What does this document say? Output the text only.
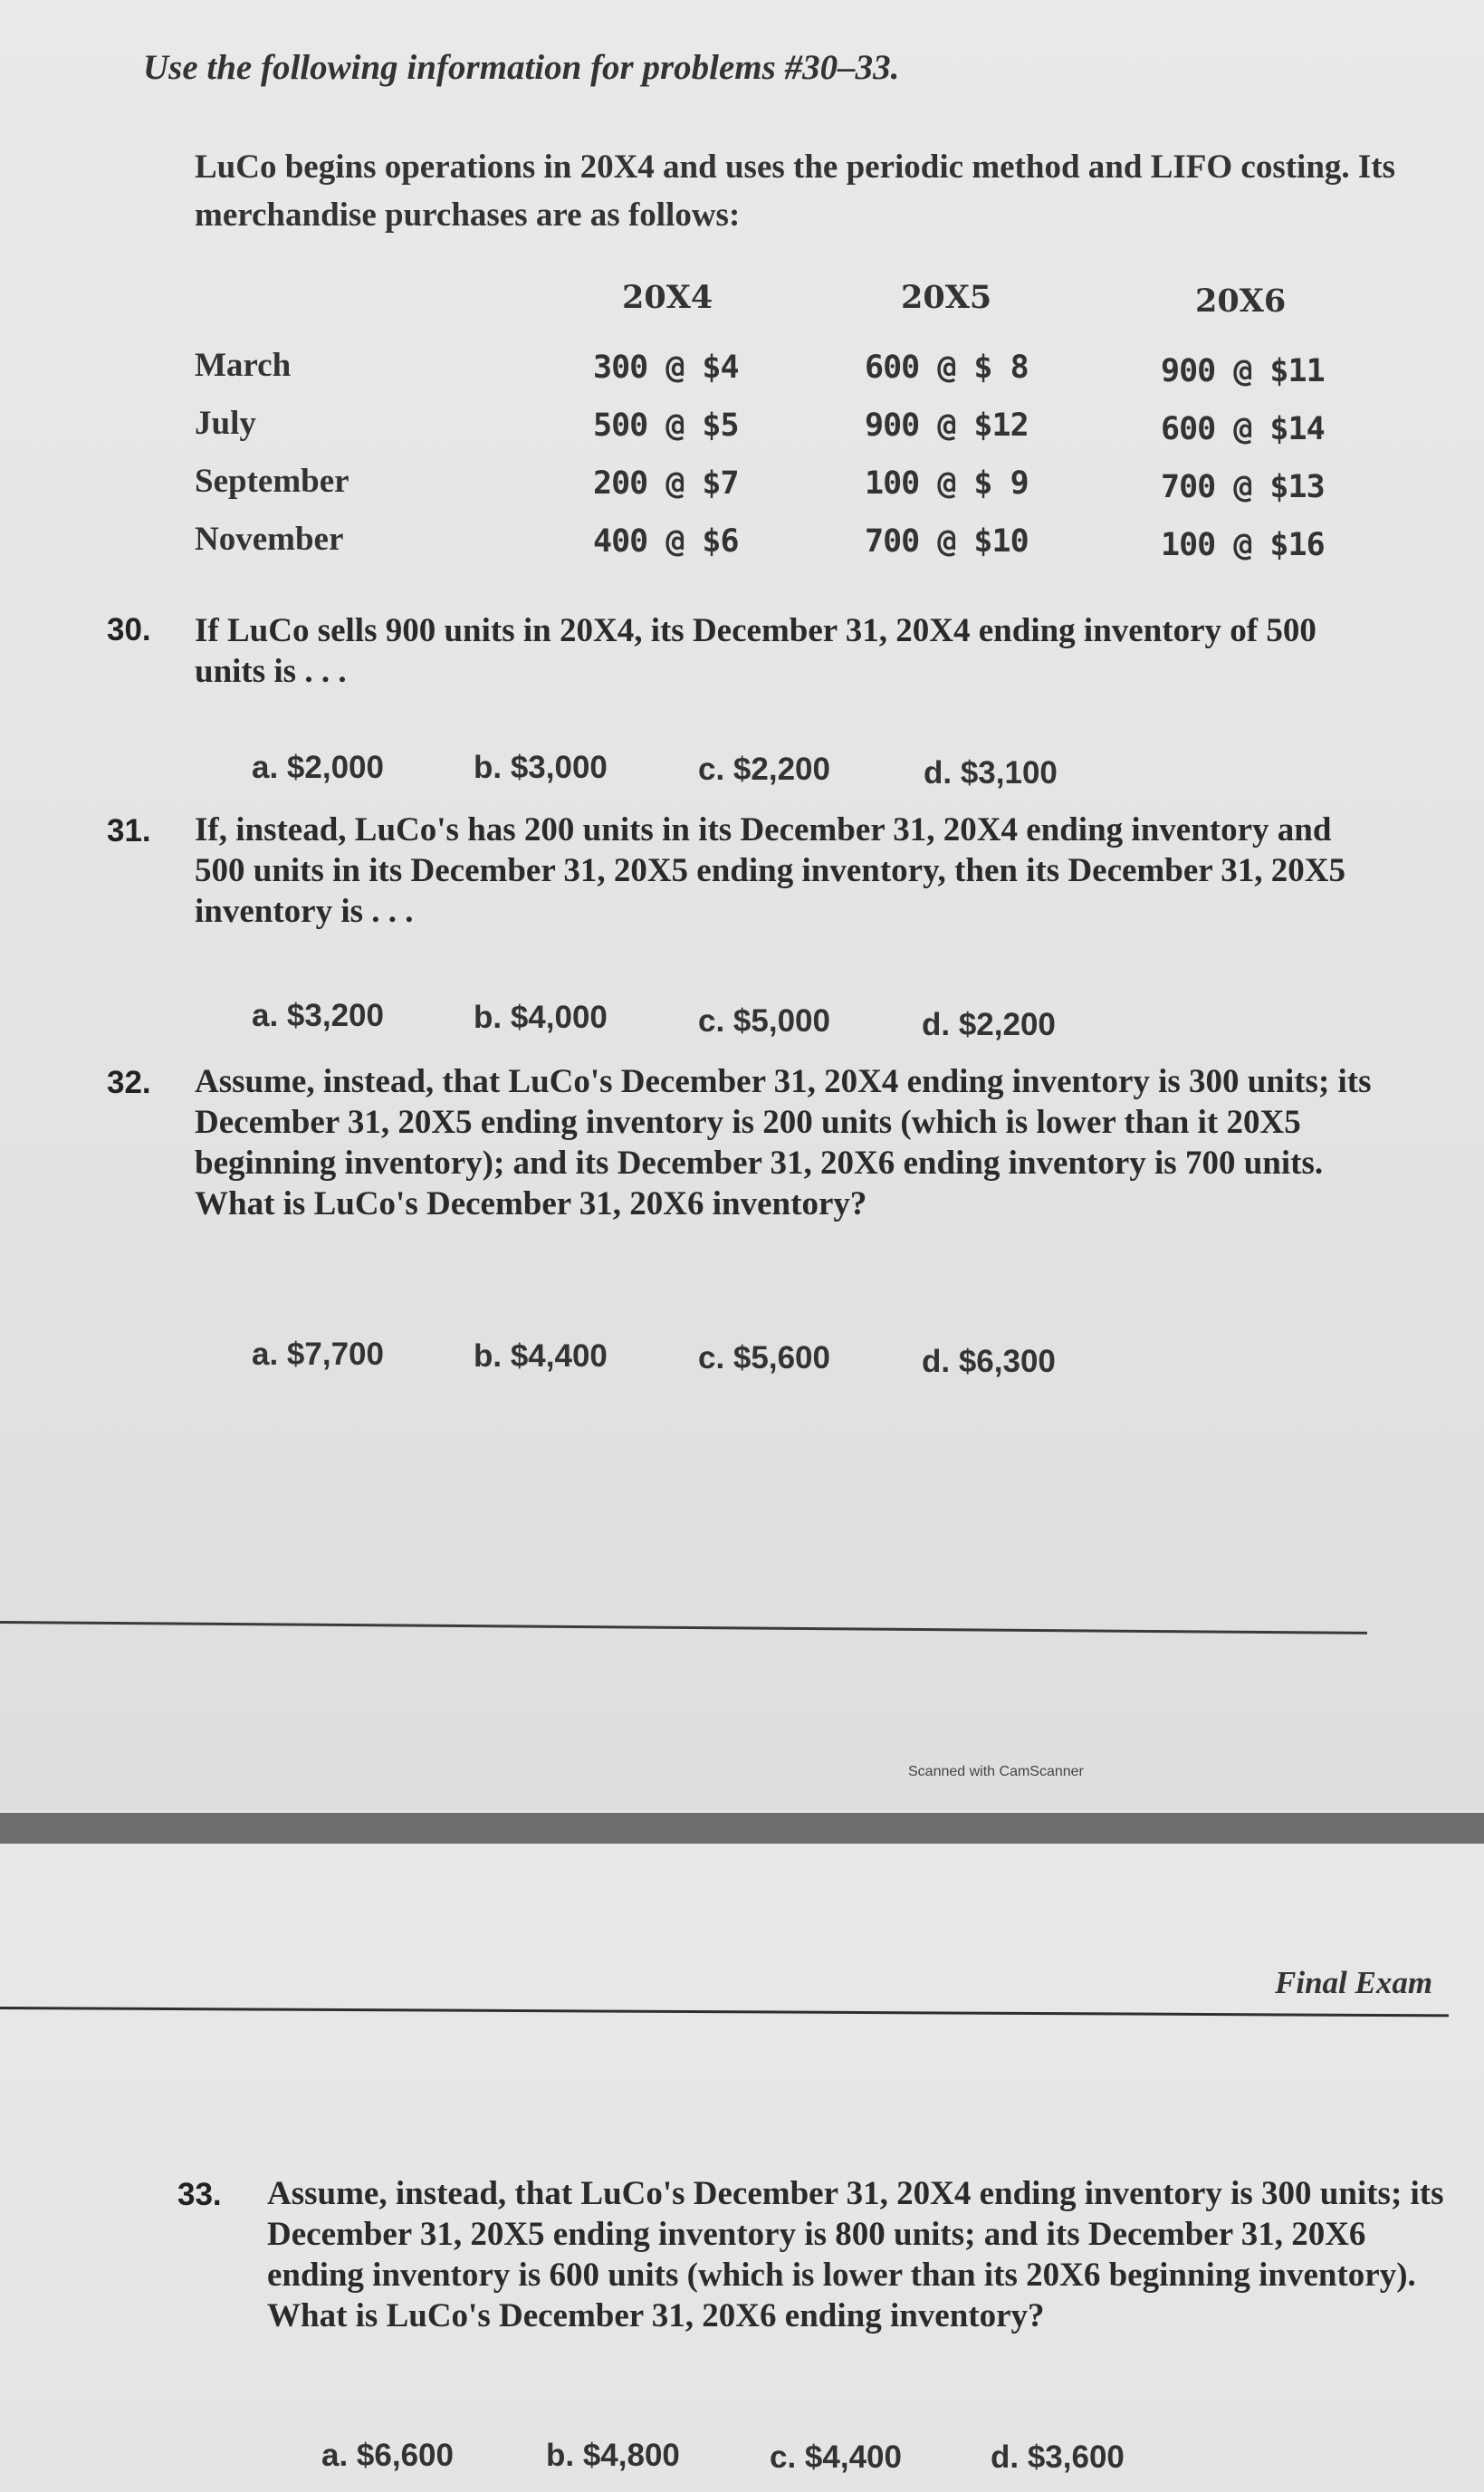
Use the following information for problems #30–33.
LuCo begins operations in 20X4 and uses the periodic method and LIFO costing. Its merchandise purchases are as follows:
20X4	20X5	20X6
March	300 @ $4	600 @ $ 8	900 @ $11
July	500 @ $5	900 @ $12	600 @ $14
September	200 @ $7	100 @ $ 9	700 @ $13
November	400 @ $6	700 @ $10	100 @ $16
30. If LuCo sells 900 units in 20X4, its December 31, 20X4 ending inventory of 500 units is . . .
a. $2,000	b. $3,000	c. $2,200	d. $3,100
31. If, instead, LuCo's has 200 units in its December 31, 20X4 ending inventory and 500 units in its December 31, 20X5 ending inventory, then its December 31, 20X5 inventory is . . .
a. $3,200	b. $4,000	c. $5,000	d. $2,200
32. Assume, instead, that LuCo's December 31, 20X4 ending inventory is 300 units; its December 31, 20X5 ending inventory is 200 units (which is lower than it 20X5 beginning inventory); and its December 31, 20X6 ending inventory is 700 units. What is LuCo's December 31, 20X6 inventory?
a. $7,700	b. $4,400	c. $5,600	d. $6,300
Scanned with CamScanner
Final Exam
33. Assume, instead, that LuCo's December 31, 20X4 ending inventory is 300 units; its December 31, 20X5 ending inventory is 800 units; and its December 31, 20X6 ending inventory is 600 units (which is lower than its 20X6 beginning inventory). What is LuCo's December 31, 20X6 ending inventory?
a. $6,600	b. $4,800	c. $4,400	d. $3,600
